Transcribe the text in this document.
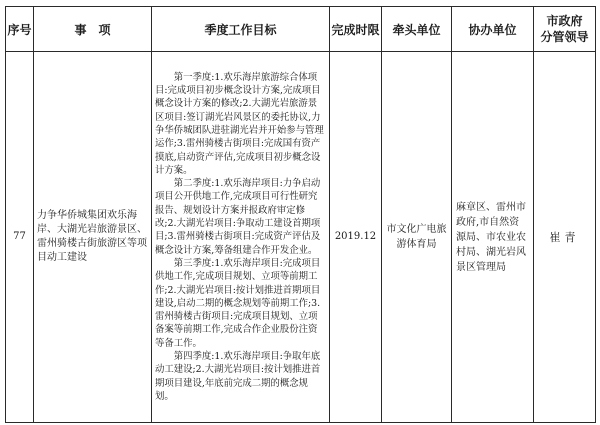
序号	事　项	季度工作目标	完成时限	牵头单位	协办单位	市政府
分管领导

77	力争华侨城集团欢乐海岸、大湖光岩旅游景区、雷州骑楼古街旅游区等项目动工建设	　　第一季度:1.欢乐海岸旅游综合体项目:完成项目初步概念设计方案,完成项目概念设计方案的修改;2.大湖光岩旅游景区项目:签订湖光岩风景区的委托协议,力争华侨城团队进驻湖光岩并开始参与管理运作;3.雷州骑楼古街项目:完成国有资产摸底,启动资产评估,完成项目初步概念设计方案。
　　第二季度:1.欢乐海岸项目:力争启动项目公开供地工作,完成项目可行性研究报告、规划设计方案并报政府审定修改;2.大湖光岩项目:争取动工建设首期项目;3.雷州骑楼古街项目:完成资产评估及概念设计方案,筹备组建合作开发企业。
　　第三季度:1.欢乐海岸项目:完成项目供地工作,完成项目规划、立项等前期工作;2.大湖光岩项目:按计划推进首期项目建设,启动二期的概念规划等前期工作;3.雷州骑楼古街项目:完成项目规划、立项备案等前期工作,完成合作企业股份注资等备工作。
　　第四季度:1.欢乐海岸项目:争取年底动工建设;2.大湖光岩项目:按计划推进首期项目建设,年底前完成二期的概念规划。	2019.12	市文化广电旅游体育局	麻章区、雷州市政府,市自然资源局、市农业农村局、湖光岩风景区管理局	崔青
